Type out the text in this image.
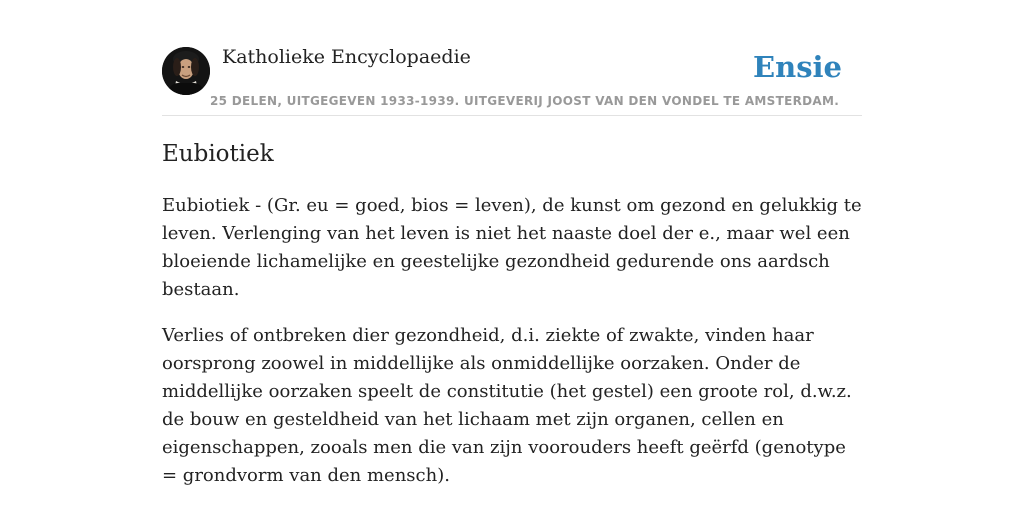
Katholieke Encyclopaedie
25 DELEN, UITGEGEVEN 1933-1939. UITGEVERIJ JOOST VAN DEN VONDEL TE AMSTERDAM.
Ensie
Eubiotiek

Eubiotiek - (Gr. eu = goed, bios = leven), de kunst om gezond en gelukkig te leven. Verlenging van het leven is niet het naaste doel der e., maar wel een bloeiende lichamelijke en geestelijke gezondheid gedurende ons aardsch bestaan.

Verlies of ontbreken dier gezondheid, d.i. ziekte of zwakte, vinden haar oorsprong zoowel in middellijke als onmiddellijke oorzaken. Onder de middellijke oorzaken speelt de constitutie (het gestel) een groote rol, d.w.z. de bouw en gesteldheid van het lichaam met zijn organen, cellen en eigenschappen, zooals men die van zijn voorouders heeft geërfd (genotype = grondvorm van den mensch).
